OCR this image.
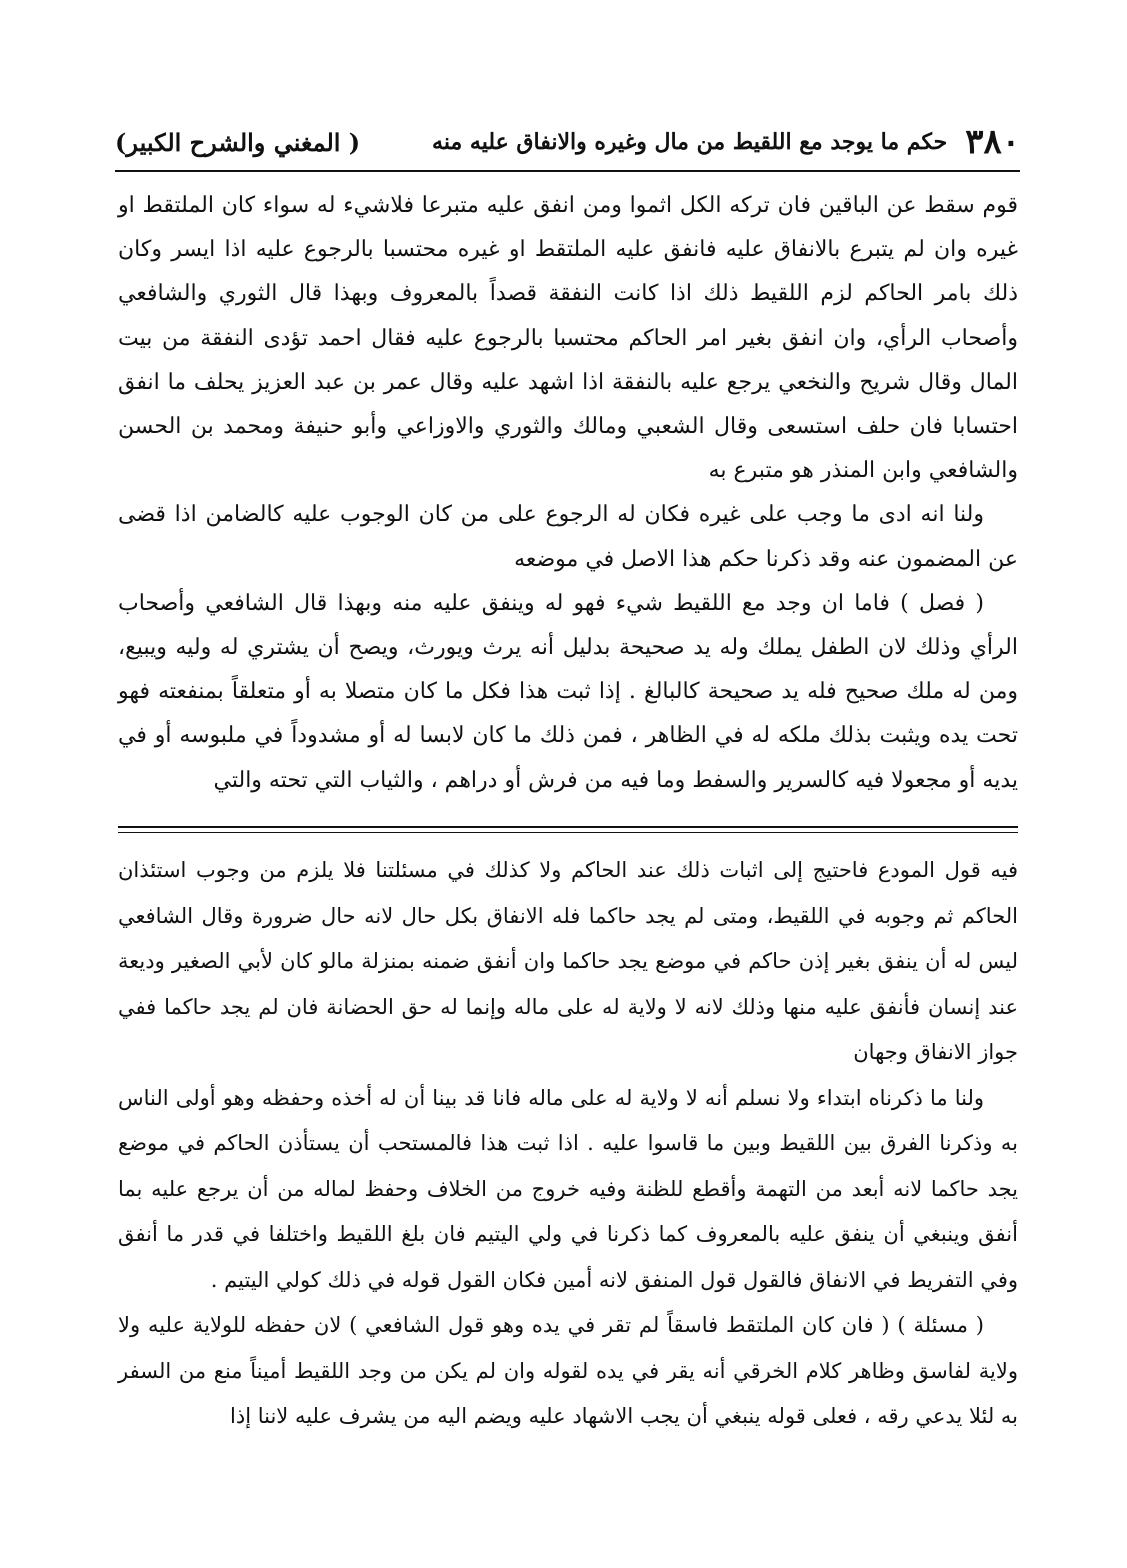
٣٨٠
حكم ما يوجد مع اللقيط من مال وغيره والانفاق عليه منه
( المغني والشرح الكبير)

قوم سقط عن الباقين فان تركه الكل اثموا ومن انفق عليه متبرعا فلاشيء له سواء كان الملتقط او غيره وان لم يتبرع بالانفاق عليه فانفق عليه الملتقط او غيره محتسبا بالرجوع عليه اذا ايسر وكان ذلك بامر الحاكم لزم اللقيط ذلك اذا كانت النفقة قصداً بالمعروف وبهذا قال الثوري والشافعي وأصحاب الرأي، وان انفق بغير امر الحاكم محتسبا بالرجوع عليه فقال احمد تؤدى النفقة من بيت المال وقال شريح والنخعي يرجع عليه بالنفقة اذا اشهد عليه وقال عمر بن عبد العزيز يحلف ما انفق احتسابا فان حلف استسعى وقال الشعبي ومالك والثوري والاوزاعي وأبو حنيفة ومحمد بن الحسن والشافعي وابن المنذر هو متبرع به

ولنا انه ادى ما وجب على غيره فكان له الرجوع على من كان الوجوب عليه كالضامن اذا قضى عن المضمون عنه وقد ذكرنا حكم هذا الاصل في موضعه

( فصل ) فاما ان وجد مع اللقيط شيء فهو له وينفق عليه منه وبهذا قال الشافعي وأصحاب الرأي وذلك لان الطفل يملك وله يد صحيحة بدليل أنه يرث ويورث، ويصح أن يشتري له وليه ويبيع، ومن له ملك صحيح فله يد صحيحة كالبالغ . إذا ثبت هذا فكل ما كان متصلا به أو متعلقاً بمنفعته فهو تحت يده ويثبت بذلك ملكه له في الظاهر ، فمن ذلك ما كان لابسا له أو مشدوداً في ملبوسه أو في يديه أو مجعولا فيه كالسرير والسفط وما فيه من فرش أو دراهم ، والثياب التي تحته والتي

فيه قول المودع فاحتيج إلى اثبات ذلك عند الحاكم ولا كذلك في مسئلتنا فلا يلزم من وجوب استئذان الحاكم ثم وجوبه في اللقيط، ومتى لم يجد حاكما فله الانفاق بكل حال لانه حال ضرورة وقال الشافعي ليس له أن ينفق بغير إذن حاكم في موضع يجد حاكما وان أنفق ضمنه بمنزلة مالو كان لأبي الصغير وديعة عند إنسان فأنفق عليه منها وذلك لانه لا ولاية له على ماله وإنما له حق الحضانة فان لم يجد حاكما ففي جواز الانفاق وجهان

ولنا ما ذكرناه ابتداء ولا نسلم أنه لا ولاية له على ماله فانا قد بينا أن له أخذه وحفظه وهو أولى الناس به وذكرنا الفرق بين اللقيط وبين ما قاسوا عليه . اذا ثبت هذا فالمستحب أن يستأذن الحاكم في موضع يجد حاكما لانه أبعد من التهمة وأقطع للظنة وفيه خروج من الخلاف وحفظ لماله من أن يرجع عليه بما أنفق وينبغي أن ينفق عليه بالمعروف كما ذكرنا في ولي اليتيم فان بلغ اللقيط واختلفا في قدر ما أنفق وفي التفريط في الانفاق فالقول قول المنفق لانه أمين فكان القول قوله في ذلك كولي اليتيم .

( مسئلة ) ( فان كان الملتقط فاسقاً لم تقر في يده وهو قول الشافعي ) لان حفظه للولاية عليه ولا ولاية لفاسق وظاهر كلام الخرقي أنه يقر في يده لقوله وان لم يكن من وجد اللقيط أميناً منع من السفر به لئلا يدعي رقه ، فعلى قوله ينبغي أن يجب الاشهاد عليه ويضم اليه من يشرف عليه لاننا إذا
